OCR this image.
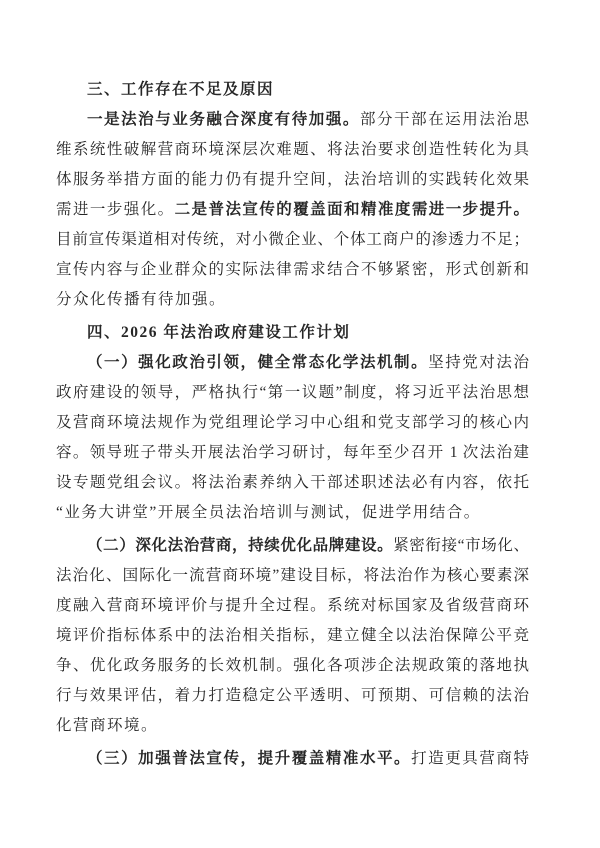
三、工作存在不足及原因
一是法治与业务融合深度有待加强。部分干部在运用法治思
维系统性破解营商环境深层次难题、将法治要求创造性转化为具
体服务举措方面的能力仍有提升空间，法治培训的实践转化效果
需进一步强化。二是普法宣传的覆盖面和精准度需进一步提升。
目前宣传渠道相对传统，对小微企业、个体工商户的渗透力不足；
宣传内容与企业群众的实际法律需求结合不够紧密，形式创新和
分众化传播有待加强。
四、2026 年法治政府建设工作计划
（一）强化政治引领，健全常态化学法机制。坚持党对法治
政府建设的领导，严格执行“第一议题”制度，将习近平法治思想
及营商环境法规作为党组理论学习中心组和党支部学习的核心内
容。领导班子带头开展法治学习研讨，每年至少召开 1 次法治建
设专题党组会议。将法治素养纳入干部述职述法必有内容，依托
“业务大讲堂”开展全员法治培训与测试，促进学用结合。
（二）深化法治营商，持续优化品牌建设。紧密衔接“市场化、
法治化、国际化一流营商环境”建设目标，将法治作为核心要素深
度融入营商环境评价与提升全过程。系统对标国家及省级营商环
境评价指标体系中的法治相关指标，建立健全以法治保障公平竞
争、优化政务服务的长效机制。强化各项涉企法规政策的落地执
行与效果评估，着力打造稳定公平透明、可预期、可信赖的法治
化营商环境。
（三）加强普法宣传，提升覆盖精准水平。打造更具营商特
